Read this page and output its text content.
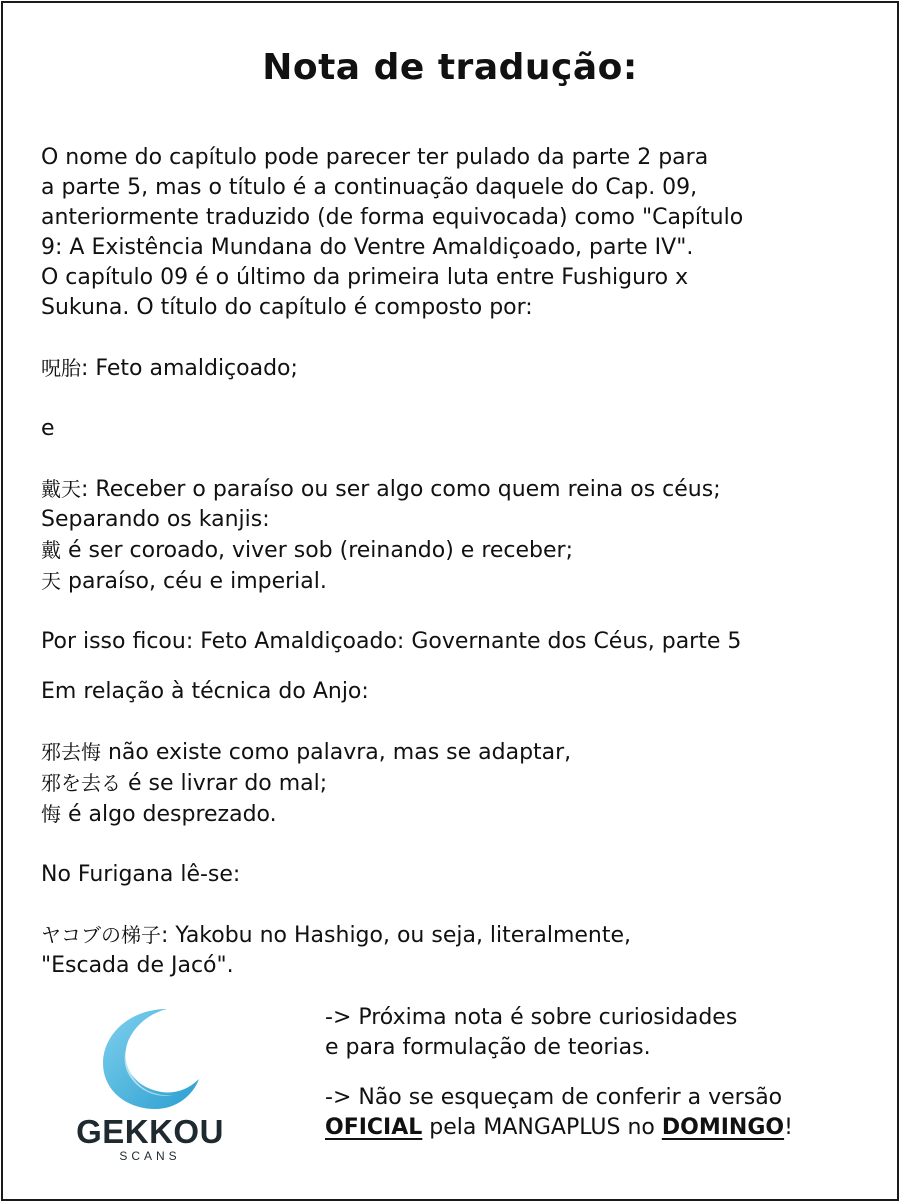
Nota de tradução:

O nome do capítulo pode parecer ter pulado da parte 2 para

a parte 5, mas o título é a continuação daquele do Cap. 09,

anteriormente traduzido (de forma equivocada) como "Capítulo

9: A Existência Mundana do Ventre Amaldiçoado, parte IV".

O capítulo 09 é o último da primeira luta entre Fushiguro x

Sukuna. O título do capítulo é composto por:

呪胎: Feto amaldiçoado;

e

戴天: Receber o paraíso ou ser algo como quem reina os céus;

Separando os kanjis:

戴 é ser coroado, viver sob (reinando) e receber;

天 paraíso, céu e imperial.

Por isso ficou: Feto Amaldiçoado: Governante dos Céus, parte 5

Em relação à técnica do Anjo:

邪去悔 não existe como palavra, mas se adaptar,

邪を去る é se livrar do mal;

悔 é algo desprezado.

No Furigana lê-se:

ヤコブの梯子: Yakobu no Hashigo, ou seja, literalmente,

"Escada de Jacó".

GEKKOU
SCANS

-> Próxima nota é sobre curiosidades

e para formulação de teorias.

-> Não se esqueçam de conferir a versão

OFICIAL pela MANGAPLUS no DOMINGO!
